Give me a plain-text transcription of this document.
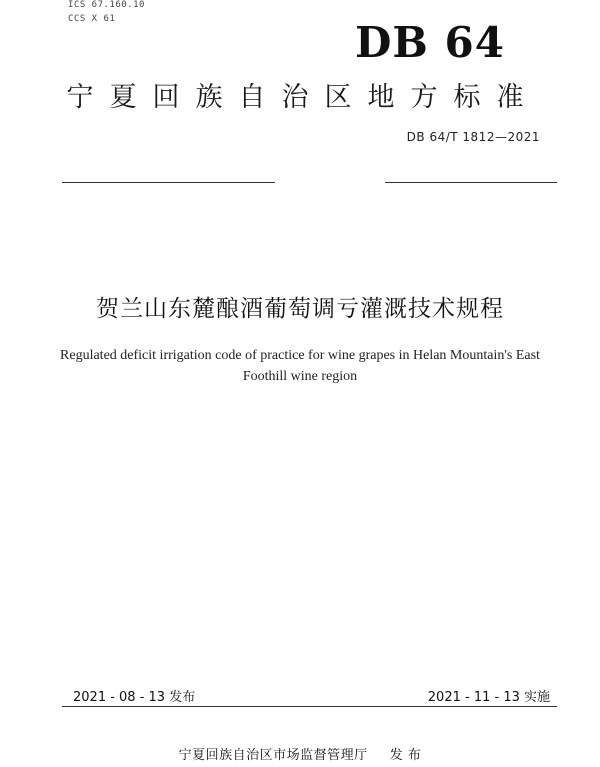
ICS 67.160.10
CCS X 61	DB 64
宁夏回族自治区地方标准
DB 64/T 1812—2021
贺兰山东麓酿酒葡萄调亏灌溉技术规程
Regulated deficit irrigation code of practice for wine grapes in Helan Mountain's East Foothill wine region
2021 - 08 - 13 发布	2021 - 11 - 13 实施
宁夏回族自治区市场监督管理厅 发 布
